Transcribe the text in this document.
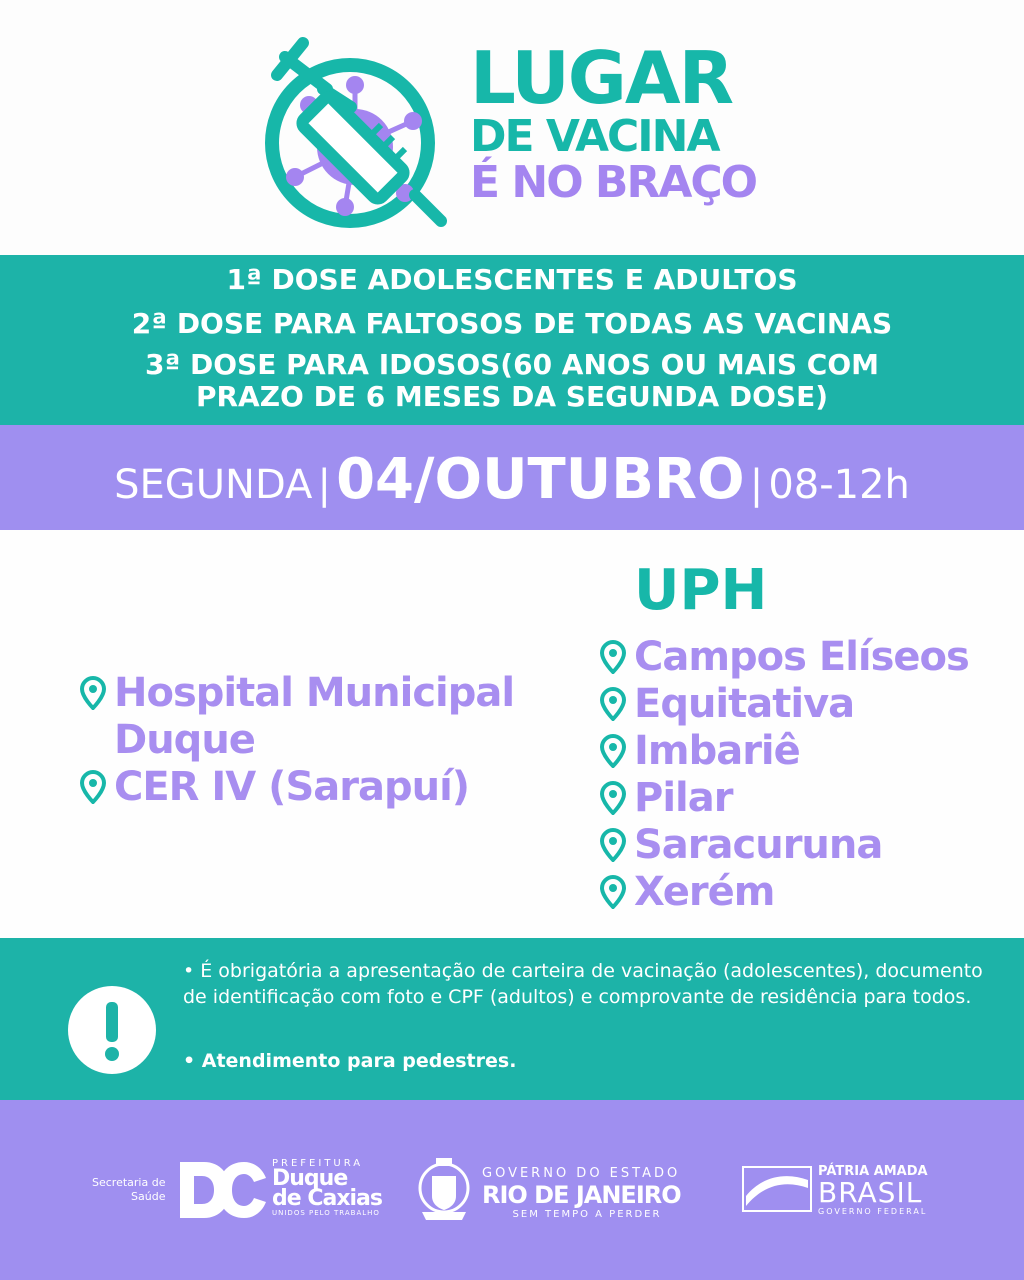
LUGAR
DE VACINA
É NO BRAÇO
1ª DOSE ADOLESCENTES E ADULTOS
2ª DOSE PARA FALTOSOS DE TODAS AS VACINAS
3ª DOSE PARA IDOSOS(60 ANOS OU MAIS COM
PRAZO DE 6 MESES DA SEGUNDA DOSE)
SEGUNDA | 04/OUTUBRO | 08-12h
Hospital Municipal
Duque
CER IV (Sarapuí)
UPH
Campos Elíseos
Equitativa
Imbariê
Pilar
Saracuruna
Xerém
• É obrigatória a apresentação de carteira de vacinação (adolescentes), documento de identificação com foto e CPF (adultos) e comprovante de residência para todos.
• Atendimento para pedestres.
Secretaria de
Saúde
PREFEITURA
Duque de Caxias
UNIDOS PELO TRABALHO
GOVERNO DO ESTADO
RIO DE JANEIRO
SEM TEMPO A PERDER
PÁTRIA AMADA
BRASIL
GOVERNO FEDERAL
